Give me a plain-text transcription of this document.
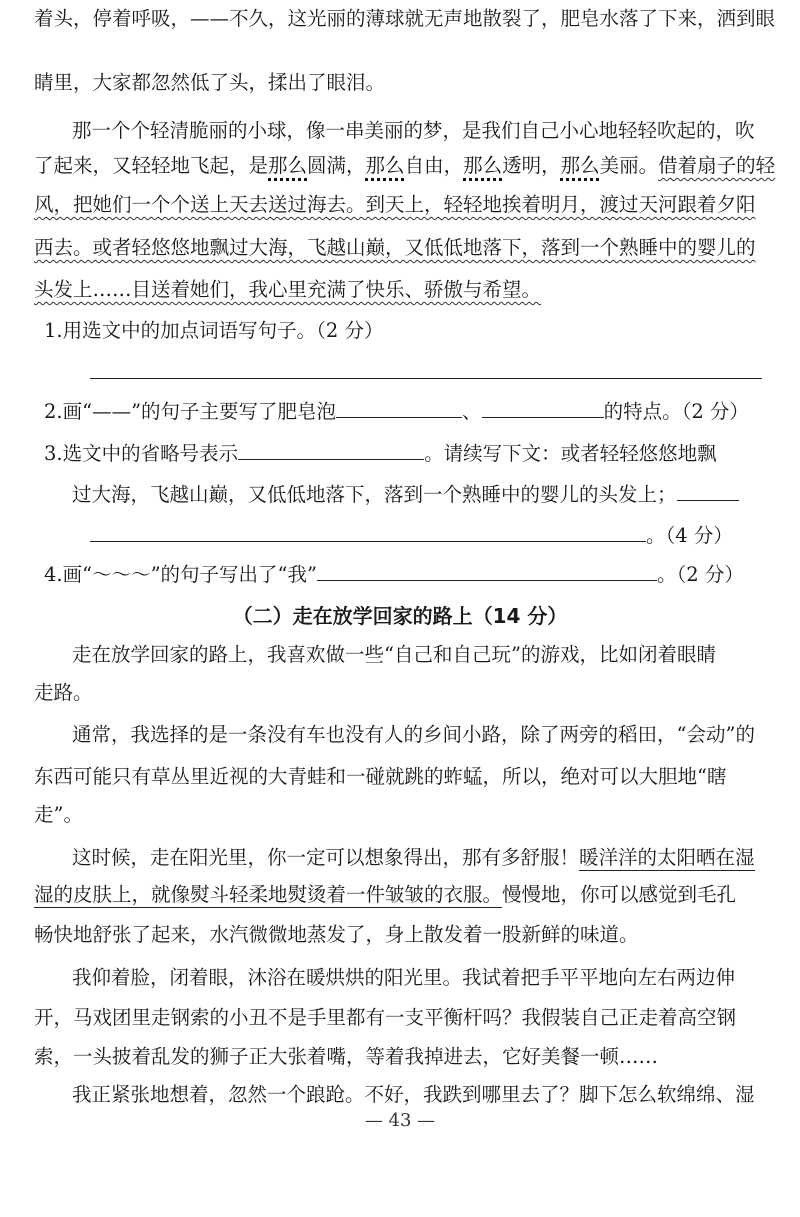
着头，停着呼吸，——不久，这光丽的薄球就无声地散裂了，肥皂水落了下来，洒到眼
睛里，大家都忽然低了头，揉出了眼泪。
那一个个轻清脆丽的小球，像一串美丽的梦，是我们自己小心地轻轻吹起的，吹
了起来，又轻轻地飞起，是那么圆满，那么自由，那么透明，那么美丽。借着扇子的轻
风，把她们一个个送上天去送过海去。到天上，轻轻地挨着明月，渡过天河跟着夕阳
西去。或者轻悠悠地飘过大海，飞越山巅，又低低地落下，落到一个熟睡中的婴儿的
头发上……目送着她们，我心里充满了快乐、骄傲与希望。
1.用选文中的加点词语写句子。（2 分）
2.画“——”的句子主要写了肥皂泡	、	的特点。（2 分）
3.选文中的省略号表示	。请续写下文：或者轻轻悠悠地飘
过大海，飞越山巅，又低低地落下，落到一个熟睡中的婴儿的头发上；
。（4 分）
4.画“～～～”的句子写出了“我”	。（2 分）
（二）走在放学回家的路上（14 分）
走在放学回家的路上，我喜欢做一些“自己和自己玩”的游戏，比如闭着眼睛
走路。
通常，我选择的是一条没有车也没有人的乡间小路，除了两旁的稻田，“会动”的
东西可能只有草丛里近视的大青蛙和一碰就跳的蚱蜢，所以，绝对可以大胆地“瞎
走”。
这时候，走在阳光里，你一定可以想象得出，那有多舒服！暖洋洋的太阳晒在湿
湿的皮肤上，就像熨斗轻柔地熨烫着一件皱皱的衣服。慢慢地，你可以感觉到毛孔
畅快地舒张了起来，水汽微微地蒸发了，身上散发着一股新鲜的味道。
我仰着脸，闭着眼，沐浴在暖烘烘的阳光里。我试着把手平平地向左右两边伸
开，马戏团里走钢索的小丑不是手里都有一支平衡杆吗？我假装自己正走着高空钢
索，一头披着乱发的狮子正大张着嘴，等着我掉进去，它好美餐一顿……
我正紧张地想着，忽然一个踉跄。不好，我跌到哪里去了？脚下怎么软绵绵、湿
— 43 —
